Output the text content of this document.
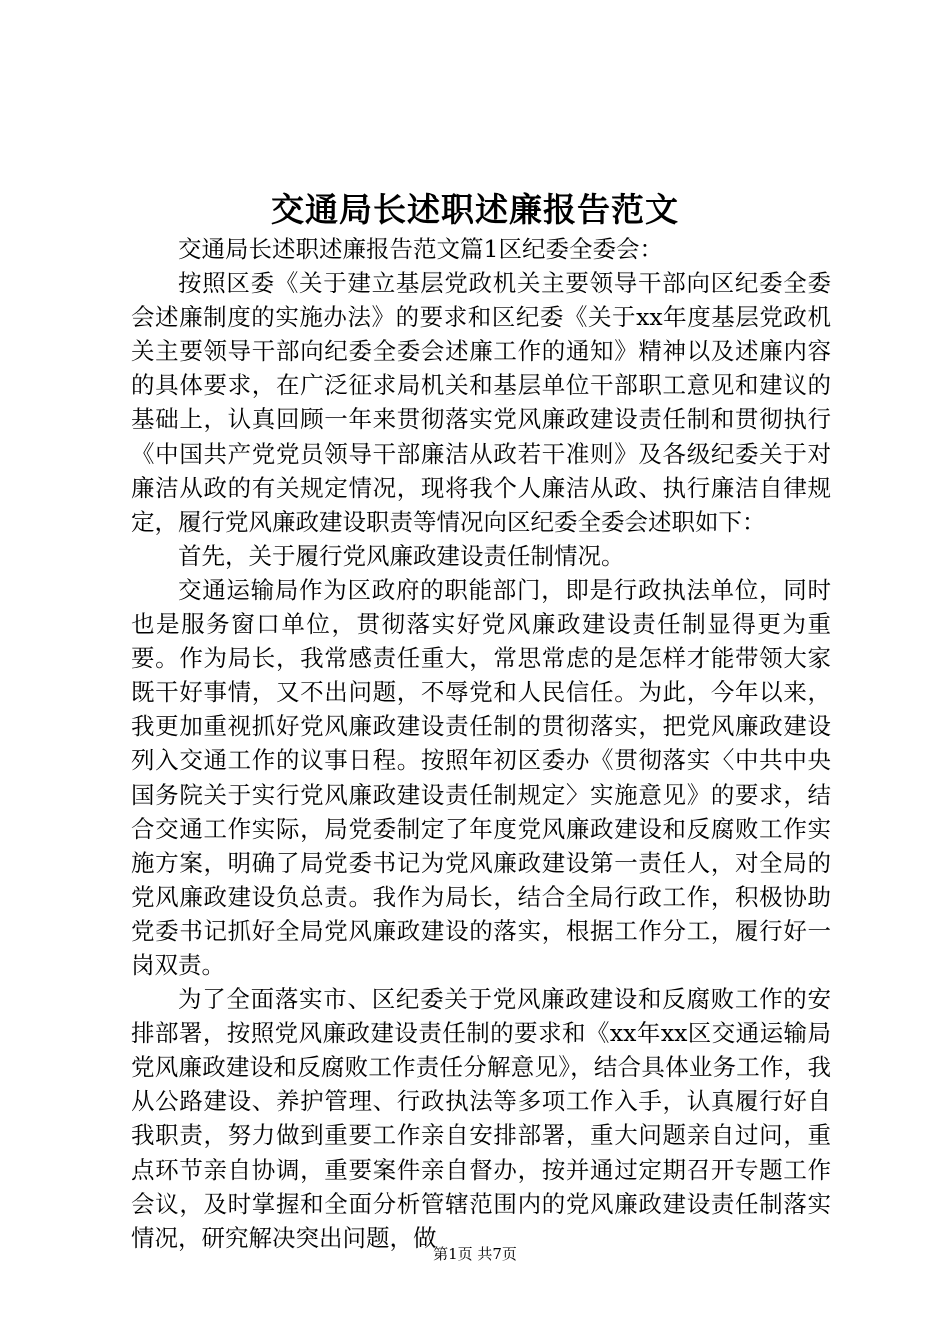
交通局长述职述廉报告范文

交通局长述职述廉报告范文篇1区纪委全委会：

按照区委《关于建立基层党政机关主要领导干部向区纪委全委会述廉制度的实施办法》的要求和区纪委《关于xx年度基层党政机关主要领导干部向纪委全委会述廉工作的通知》精神以及述廉内容的具体要求，在广泛征求局机关和基层单位干部职工意见和建议的基础上，认真回顾一年来贯彻落实党风廉政建设责任制和贯彻执行《中国共产党党员领导干部廉洁从政若干准则》及各级纪委关于对廉洁从政的有关规定情况，现将我个人廉洁从政、执行廉洁自律规定，履行党风廉政建设职责等情况向区纪委全委会述职如下：

首先，关于履行党风廉政建设责任制情况。

交通运输局作为区政府的职能部门，即是行政执法单位，同时也是服务窗口单位，贯彻落实好党风廉政建设责任制显得更为重要。作为局长，我常感责任重大，常思常虑的是怎样才能带领大家既干好事情，又不出问题，不辱党和人民信任。为此，今年以来，我更加重视抓好党风廉政建设责任制的贯彻落实，把党风廉政建设列入交通工作的议事日程。按照年初区委办《贯彻落实〈中共中央国务院关于实行党风廉政建设责任制规定〉实施意见》的要求，结合交通工作实际，局党委制定了年度党风廉政建设和反腐败工作实施方案，明确了局党委书记为党风廉政建设第一责任人，对全局的党风廉政建设负总责。我作为局长，结合全局行政工作，积极协助党委书记抓好全局党风廉政建设的落实，根据工作分工，履行好一岗双责。

为了全面落实市、区纪委关于党风廉政建设和反腐败工作的安排部署，按照党风廉政建设责任制的要求和《xx年xx区交通运输局党风廉政建设和反腐败工作责任分解意见》，结合具体业务工作，我从公路建设、养护管理、行政执法等多项工作入手，认真履行好自我职责，努力做到重要工作亲自安排部署，重大问题亲自过问，重点环节亲自协调，重要案件亲自督办，按并通过定期召开专题工作会议，及时掌握和全面分析管辖范围内的党风廉政建设责任制落实情况，研究解决突出问题，做

第1页 共7页
